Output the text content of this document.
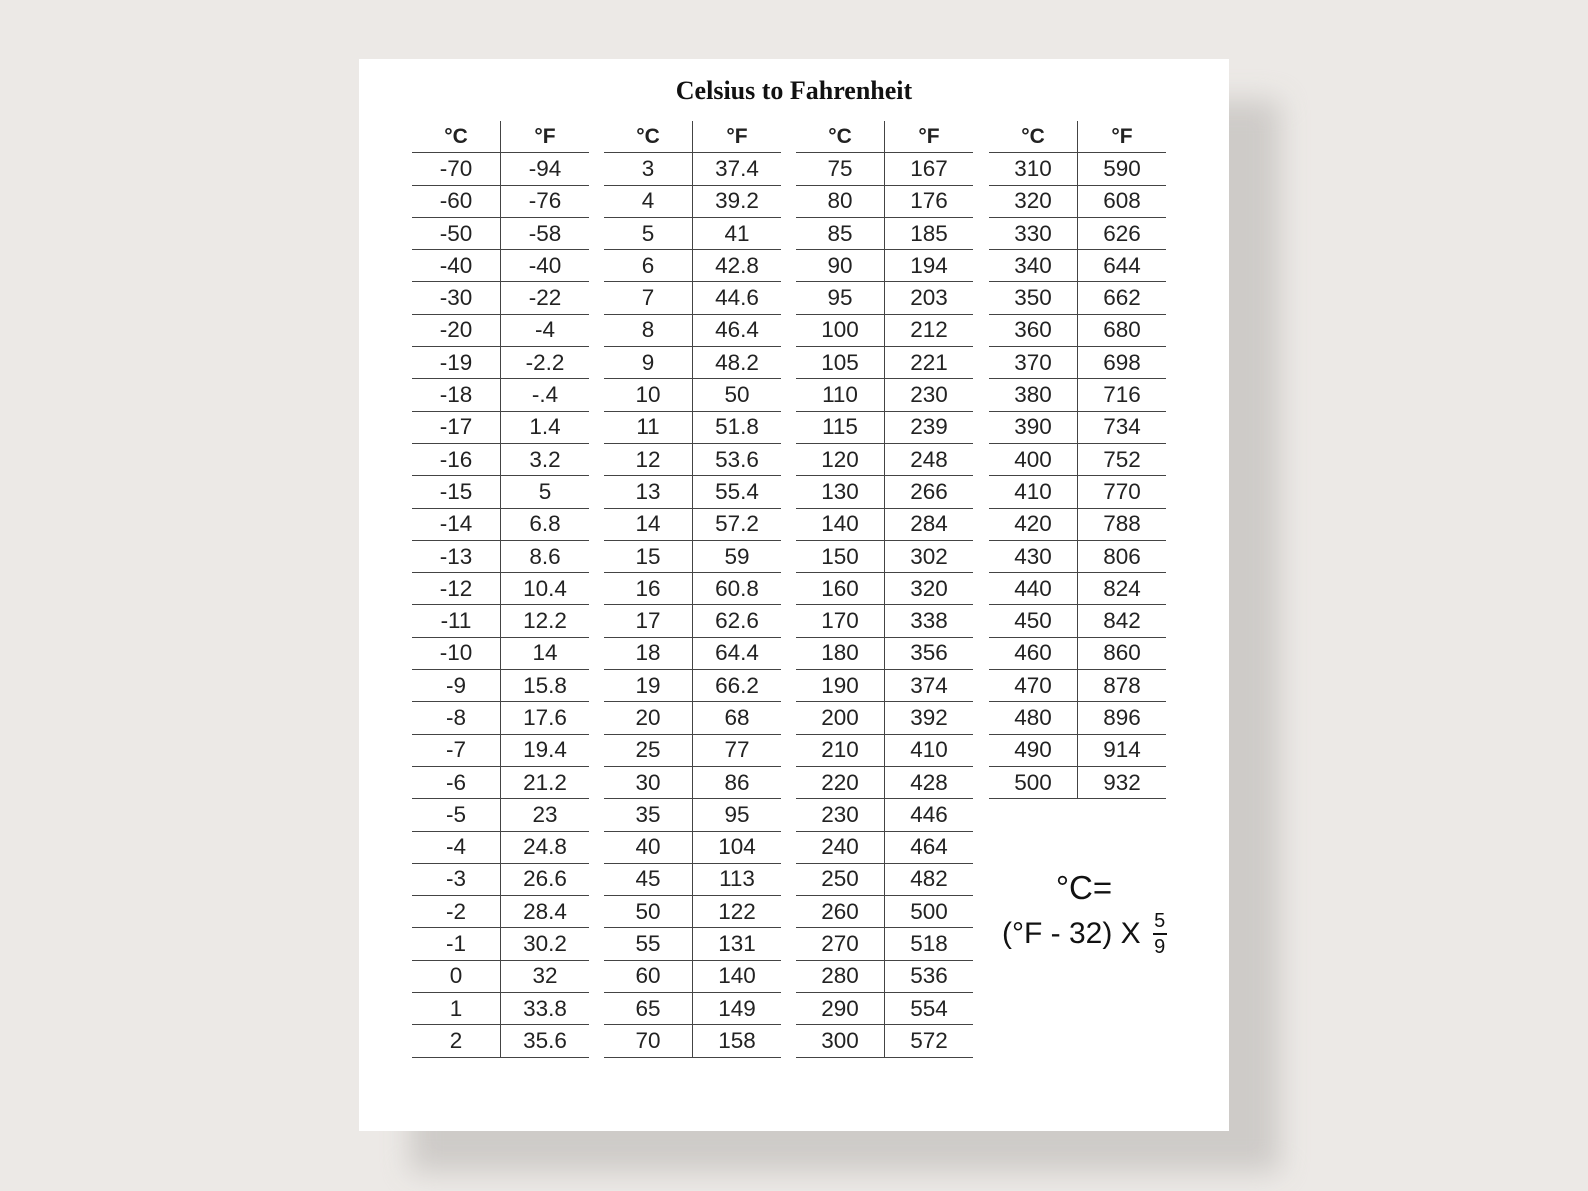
Celsius to Fahrenheit
°C	°F
-70	-94
-60	-76
-50	-58
-40	-40
-30	-22
-20	-4
-19	-2.2
-18	-.4
-17	1.4
-16	3.2
-15	5
-14	6.8
-13	8.6
-12	10.4
-11	12.2
-10	14
-9	15.8
-8	17.6
-7	19.4
-6	21.2
-5	23
-4	24.8
-3	26.6
-2	28.4
-1	30.2
0	32
1	33.8
2	35.6
°C	°F
3	37.4
4	39.2
5	41
6	42.8
7	44.6
8	46.4
9	48.2
10	50
11	51.8
12	53.6
13	55.4
14	57.2
15	59
16	60.8
17	62.6
18	64.4
19	66.2
20	68
25	77
30	86
35	95
40	104
45	113
50	122
55	131
60	140
65	149
70	158
°C	°F
75	167
80	176
85	185
90	194
95	203
100	212
105	221
110	230
115	239
120	248
130	266
140	284
150	302
160	320
170	338
180	356
190	374
200	392
210	410
220	428
230	446
240	464
250	482
260	500
270	518
280	536
290	554
300	572
°C	°F
310	590
320	608
330	626
340	644
350	662
360	680
370	698
380	716
390	734
400	752
410	770
420	788
430	806
440	824
450	842
460	860
470	878
480	896
490	914
500	932
°C=
(°F - 32) X $\frac{5}{9}$
